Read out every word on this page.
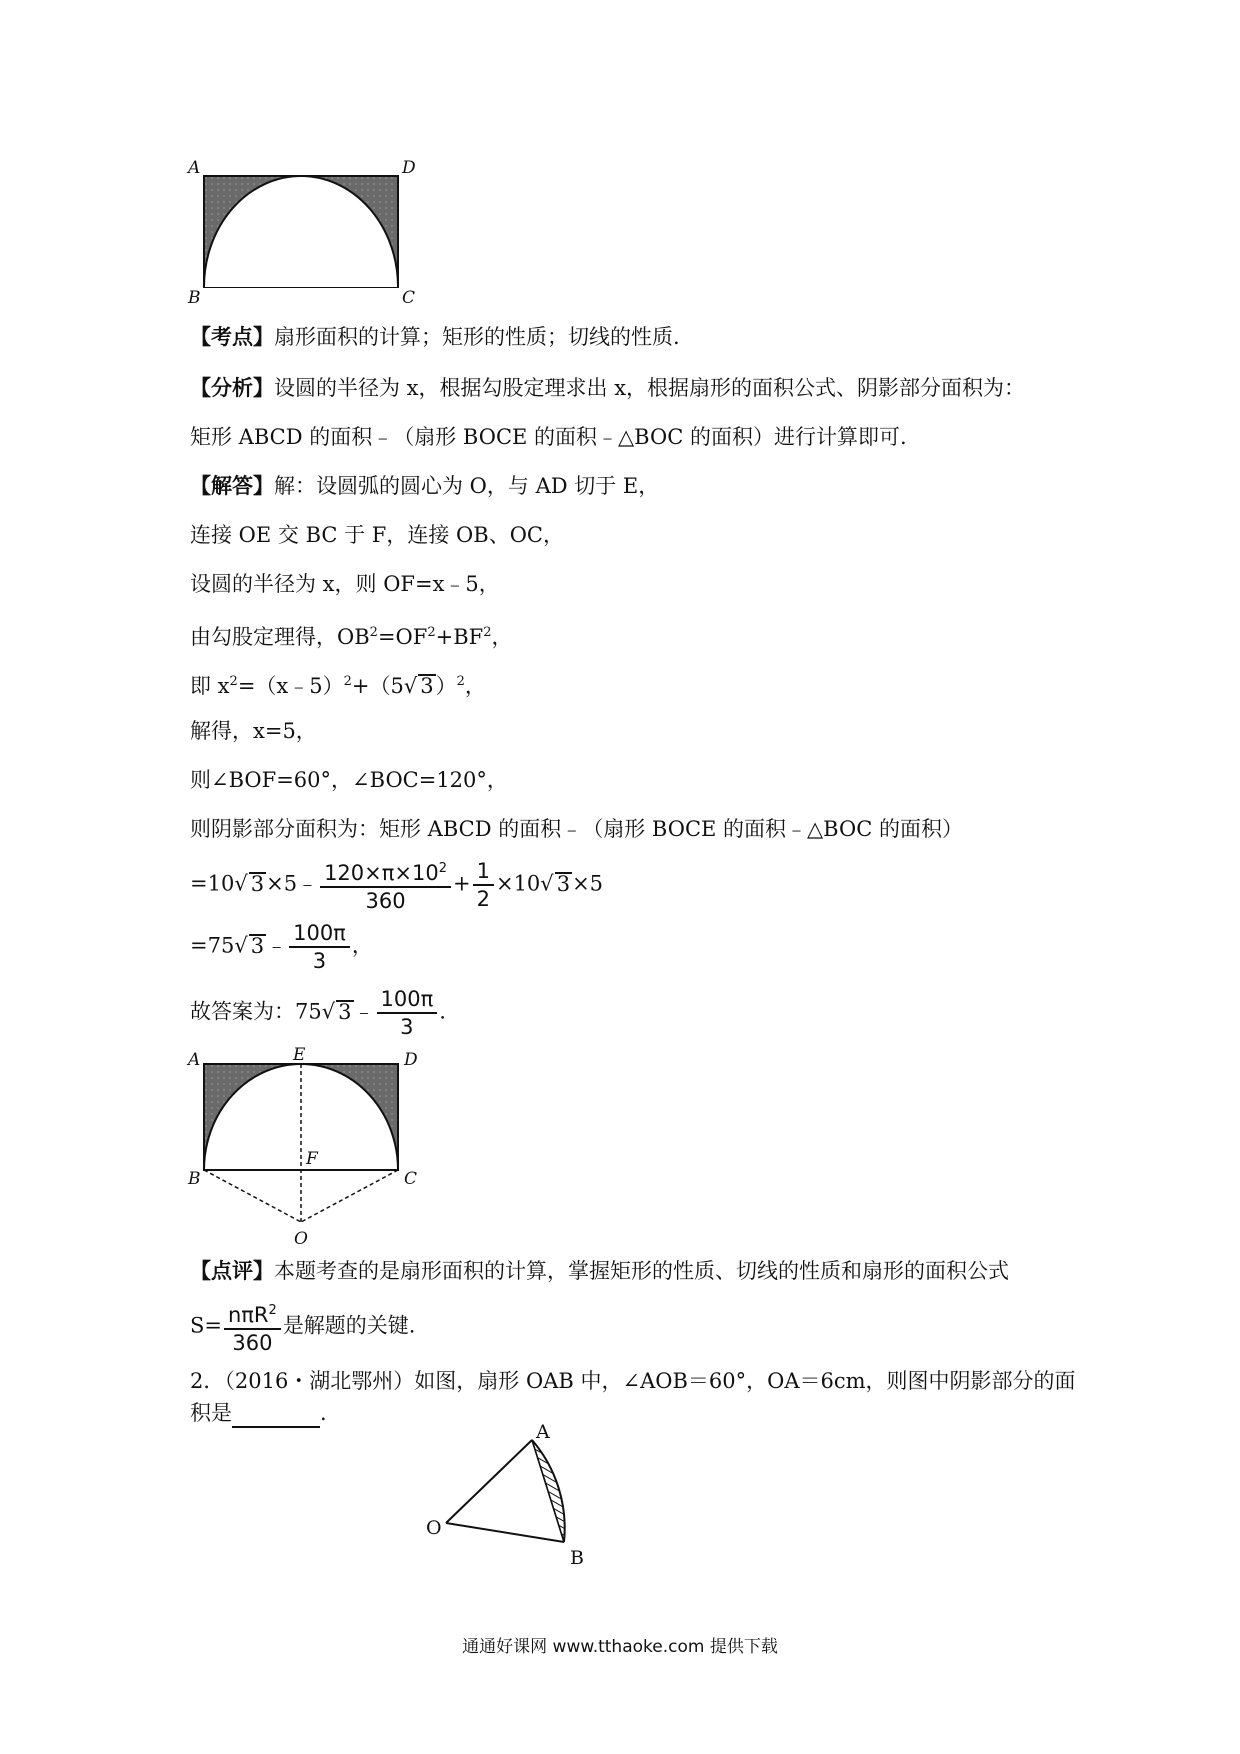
A	D
B	C
【考点】扇形面积的计算；矩形的性质；切线的性质.
【分析】设圆的半径为 x，根据勾股定理求出 x，根据扇形的面积公式、阴影部分面积为：
矩形 ABCD 的面积﹣（扇形 BOCE 的面积﹣△BOC 的面积）进行计算即可.
【解答】解：设圆弧的圆心为 O，与 AD 切于 E，
连接 OE 交 BC 于 F，连接 OB、OC，
设圆的半径为 x，则 OF=x﹣5，
由勾股定理得，$OB^2=OF^2+BF^2$，
即 $x^2=(x﹣5)^2+(5√$ 3）$^2$，
解得，x=5，
则∠BOF=60°，∠BOC=120°，
则阴影部分面积为：矩形 ABCD 的面积﹣（扇形 BOCE 的面积﹣△BOC 的面积）
=10√ 3×5﹣ $\frac{120\times\pi\times 10^2}{360} + \frac{1}{2} \times 10√$ 3×5
=75√ 3﹣ $\frac{100\pi}{3}$ ，
故答案为：75√ 3﹣ $\frac{100\pi}{3}$ .
A	E	D
B
F
C
O
【点评】本题考查的是扇形面积的计算，掌握矩形的性质、切线的性质和扇形的面积公式
$S= \frac{n\pi R^2}{360}$ 是解题的关键.
2．（2016・湖北鄂州）如图，扇形 OAB 中，∠AOB＝60°，OA＝6cm，则图中阴影部分的面
积是	.
A
O
B
通通好课网 www.tthaoke.com 提供下载
